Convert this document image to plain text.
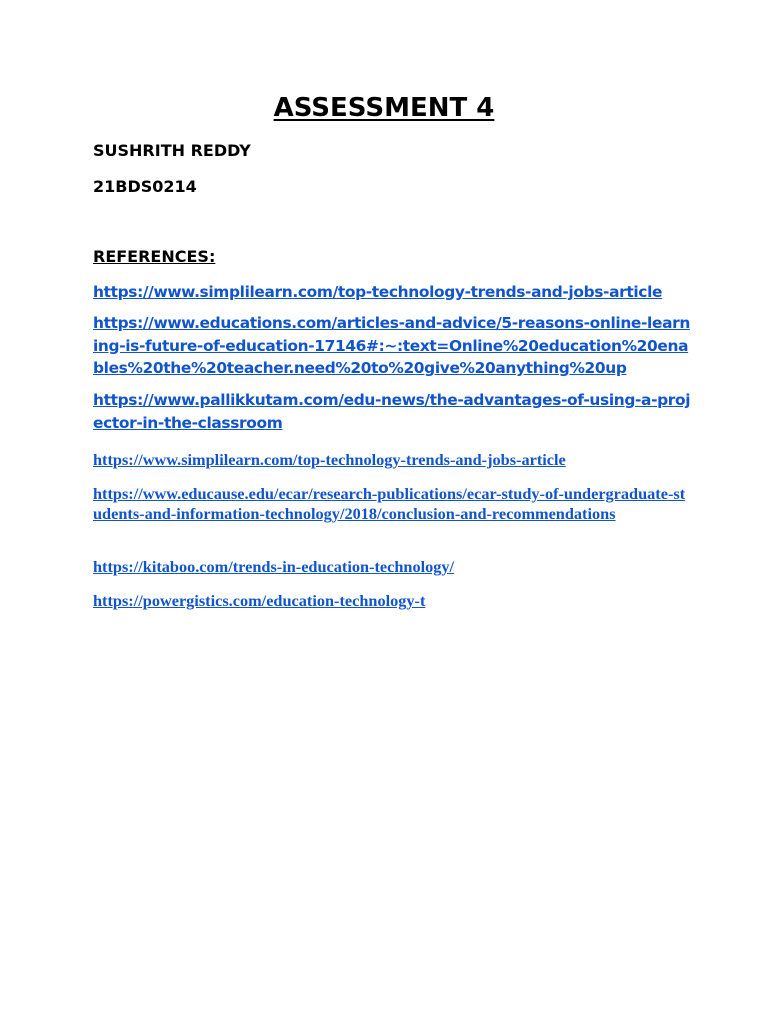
ASSESSMENT 4
SUSHRITH REDDY
21BDS0214
REFERENCES:
https://www.simplilearn.com/top-technology-trends-and-jobs-article
https://www.educations.com/articles-and-advice/5-reasons-online-learning-is-future-of-education-17146#:~:text=Online%20education%20enables%20the%20teacher.need%20to%20give%20anything%20up
https://www.pallikkutam.com/edu-news/the-advantages-of-using-a-projector-in-the-classroom
https://www.simplilearn.com/top-technology-trends-and-jobs-article
https://www.educause.edu/ecar/research-publications/ecar-study-of-undergraduate-students-and-information-technology/2018/conclusion-and-recommendations
https://kitaboo.com/trends-in-education-technology/
https://powergistics.com/education-technology-t
